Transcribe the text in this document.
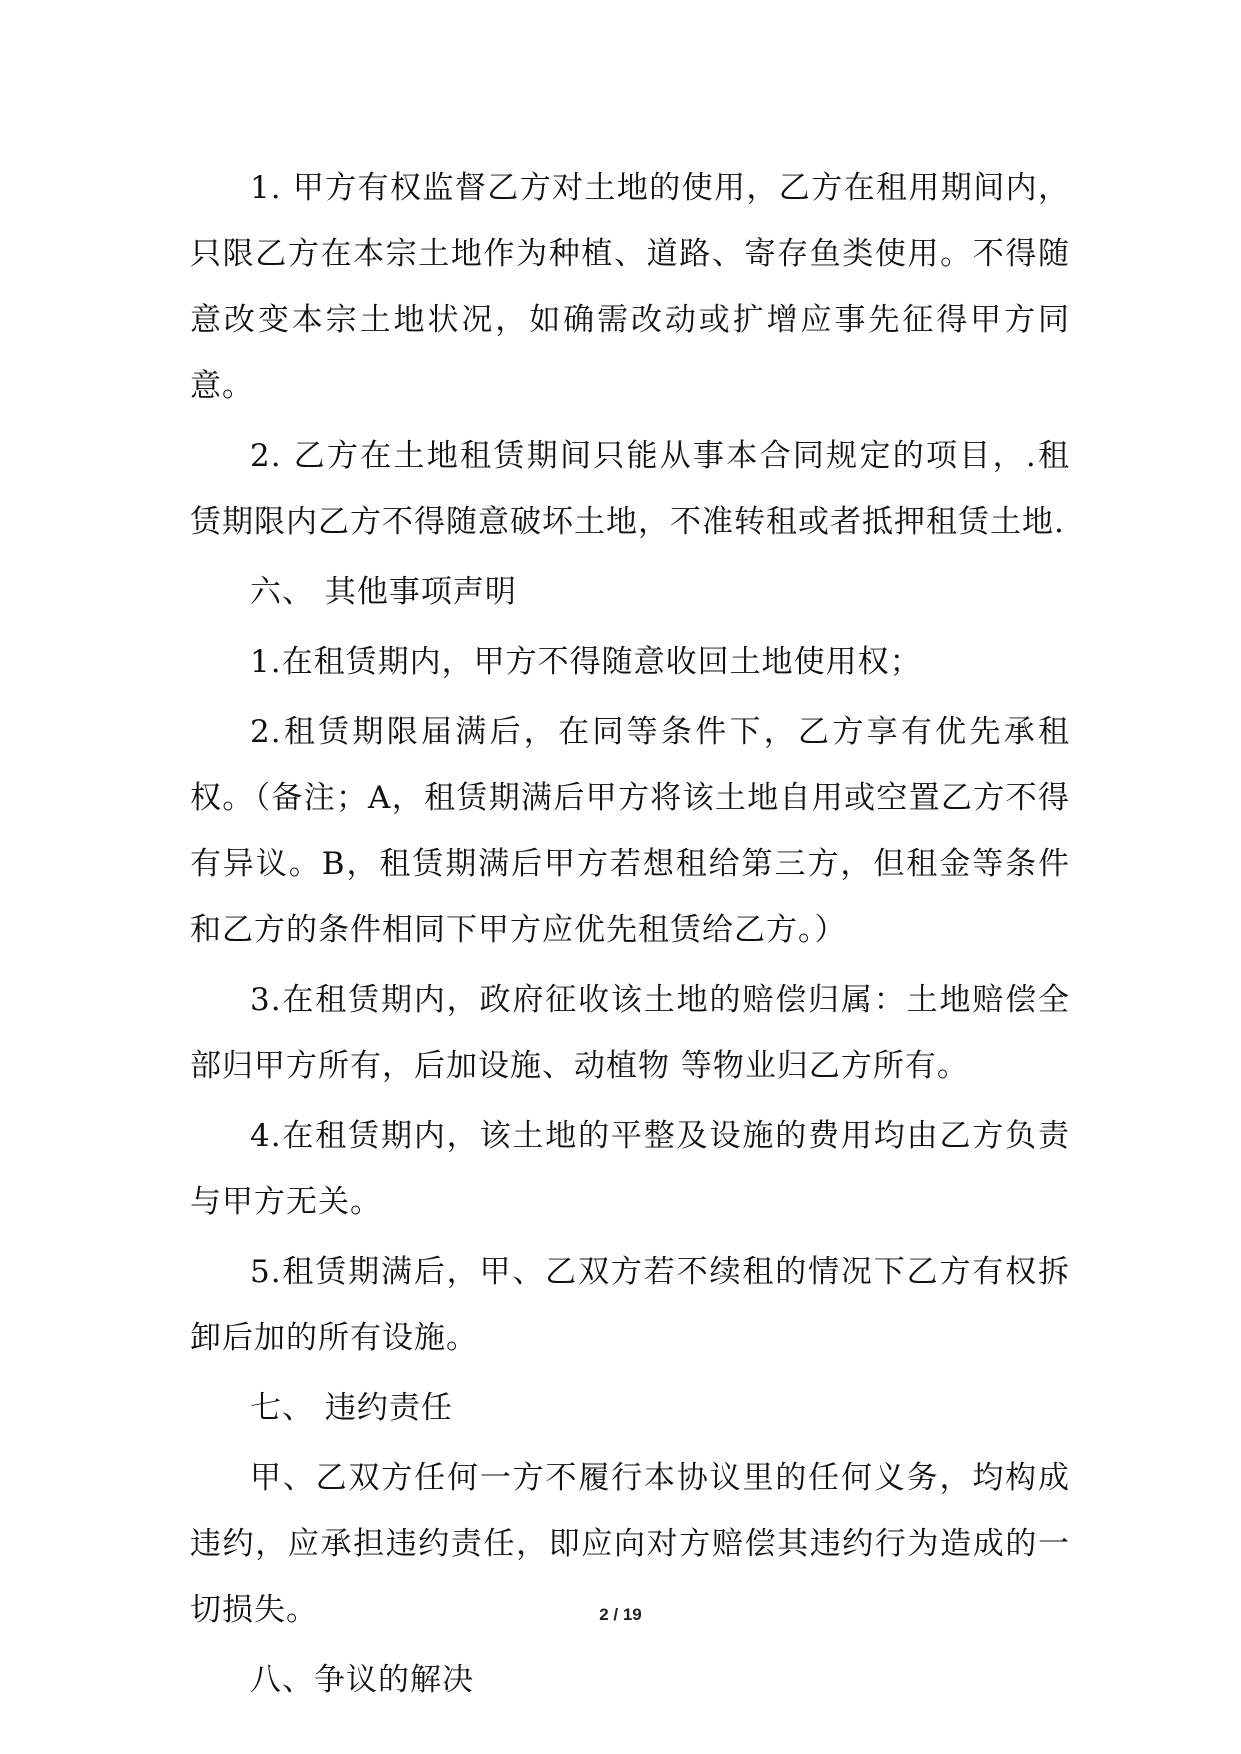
1. 甲方有权监督乙方对土地的使用，乙方在租用期间内，只限乙方在本宗土地作为种植、道路、寄存鱼类使用。不得随意改变本宗土地状况，如确需改动或扩增应事先征得甲方同意。

2. 乙方在土地租赁期间只能从事本合同规定的项目，.租赁期限内乙方不得随意破坏土地，不准转租或者抵押租赁土地.

六、 其他事项声明

1.在租赁期内，甲方不得随意收回土地使用权；

2.租赁期限届满后，在同等条件下，乙方享有优先承租权。（备注；A，租赁期满后甲方将该土地自用或空置乙方不得有异议。B，租赁期满后甲方若想租给第三方，但租金等条件和乙方的条件相同下甲方应优先租赁给乙方。）

3.在租赁期内，政府征收该土地的赔偿归属：土地赔偿全部归甲方所有，后加设施、动植物 等物业归乙方所有。

4.在租赁期内，该土地的平整及设施的费用均由乙方负责与甲方无关。

5.租赁期满后，甲、乙双方若不续租的情况下乙方有权拆卸后加的所有设施。

七、 违约责任

甲、乙双方任何一方不履行本协议里的任何义务，均构成违约，应承担违约责任，即应向对方赔偿其违约行为造成的一切损失。

八、争议的解决

2 / 19
